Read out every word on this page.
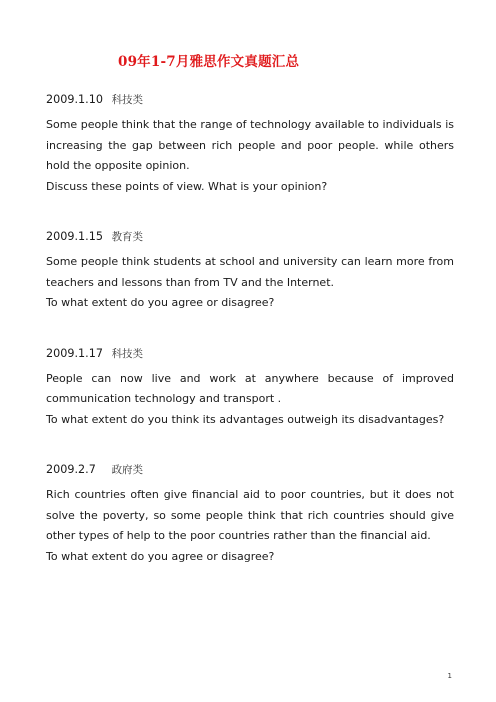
09年1-7月雅思作文真题汇总
2009.1.10 科技类

Some people think that the range of technology available to individuals is increasing the gap between rich people and poor people. while others hold the opposite opinion.

Discuss these points of view. What is your opinion?

2009.1.15 教育类

Some people think students at school and university can learn more from teachers and lessons than from TV and the Internet.

To what extent do you agree or disagree?

2009.1.17 科技类

People can now live and work at anywhere because of improved communication technology and transport .

To what extent do you think its advantages outweigh its disadvantages?

2009.2.7 政府类

Rich countries often give financial aid to poor countries, but it does not solve the poverty, so some people think that rich countries should give other types of help to the poor countries rather than the financial aid.

To what extent do you agree or disagree?

1
